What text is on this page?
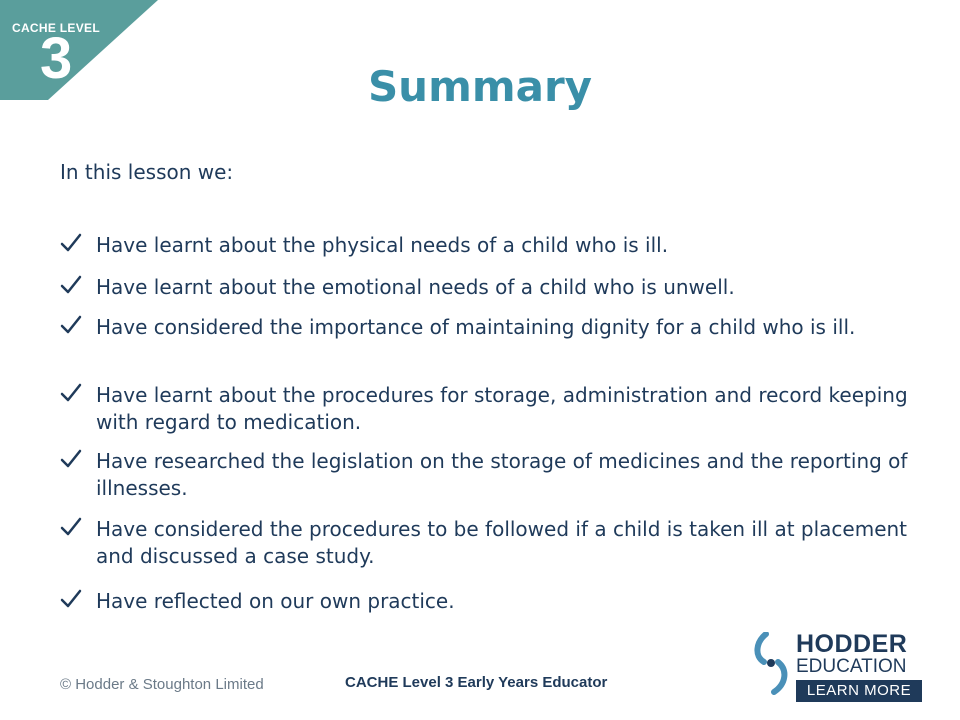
CACHE LEVEL
3	Summary

In this lesson we:

Have learnt about the physical needs of a child who is ill.
Have learnt about the emotional needs of a child who is unwell.
Have considered the importance of maintaining dignity for a child who is ill.
Have learnt about the procedures for storage, administration and record keeping with regard to medication.
Have researched the legislation on the storage of medicines and the reporting of illnesses.
Have considered the procedures to be followed if a child is taken ill at placement and discussed a case study.
Have reflected on our own practice.
© Hodder & Stoughton Limited	CACHE Level 3 Early Years Educator
HODDER
EDUCATION
LEARN MORE
